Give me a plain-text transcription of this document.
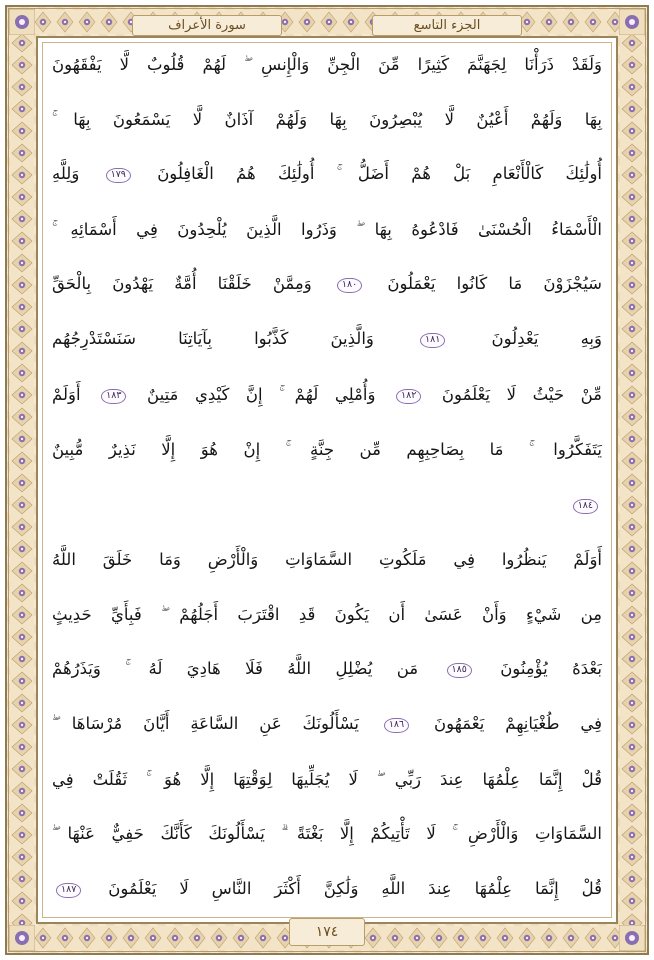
الجزء التاسع
سورة الأعراف
وَلَقَدْ ذَرَأْنَا لِجَهَنَّمَ كَثِيرًا مِّنَ الْجِنِّ وَالْإِنسِ ۖ لَهُمْ قُلُوبٌ لَّا يَفْقَهُونَ
بِهَا وَلَهُمْ أَعْيُنٌ لَّا يُبْصِرُونَ بِهَا وَلَهُمْ آذَانٌ لَّا يَسْمَعُونَ بِهَا ۚ
أُولَٰئِكَ كَالْأَنْعَامِ بَلْ هُمْ أَضَلُّ ۚ أُولَٰئِكَ هُمُ الْغَافِلُونَ ١٧٩ وَلِلَّهِ
الْأَسْمَاءُ الْحُسْنَىٰ فَادْعُوهُ بِهَا ۖ وَذَرُوا الَّذِينَ يُلْحِدُونَ فِي أَسْمَائِهِ ۚ
سَيُجْزَوْنَ مَا كَانُوا يَعْمَلُونَ ١٨٠ وَمِمَّنْ خَلَقْنَا أُمَّةٌ يَهْدُونَ بِالْحَقِّ
وَبِهِ يَعْدِلُونَ ١٨١ وَالَّذِينَ كَذَّبُوا بِآيَاتِنَا سَنَسْتَدْرِجُهُم
مِّنْ حَيْثُ لَا يَعْلَمُونَ ١٨٢ وَأُمْلِي لَهُمْ ۚ إِنَّ كَيْدِي مَتِينٌ ١٨٣ أَوَلَمْ
يَتَفَكَّرُوا ۚ مَا بِصَاحِبِهِم مِّن جِنَّةٍ ۚ إِنْ هُوَ إِلَّا نَذِيرٌ مُّبِينٌ
١٨٤
أَوَلَمْ يَنظُرُوا فِي مَلَكُوتِ السَّمَاوَاتِ وَالْأَرْضِ وَمَا خَلَقَ اللَّهُ
مِن شَيْءٍ وَأَنْ عَسَىٰ أَن يَكُونَ قَدِ اقْتَرَبَ أَجَلُهُمْ ۖ فَبِأَيِّ حَدِيثٍ
بَعْدَهُ يُؤْمِنُونَ ١٨٥ مَن يُضْلِلِ اللَّهُ فَلَا هَادِيَ لَهُ ۚ وَيَذَرُهُمْ
فِي طُغْيَانِهِمْ يَعْمَهُونَ ١٨٦ يَسْأَلُونَكَ عَنِ السَّاعَةِ أَيَّانَ مُرْسَاهَا ۖ
قُلْ إِنَّمَا عِلْمُهَا عِندَ رَبِّي ۖ لَا يُجَلِّيهَا لِوَقْتِهَا إِلَّا هُوَ ۚ ثَقُلَتْ فِي
السَّمَاوَاتِ وَالْأَرْضِ ۚ لَا تَأْتِيكُمْ إِلَّا بَغْتَةً ۗ يَسْأَلُونَكَ كَأَنَّكَ حَفِيٌّ عَنْهَا ۖ
قُلْ إِنَّمَا عِلْمُهَا عِندَ اللَّهِ وَلَٰكِنَّ أَكْثَرَ النَّاسِ لَا يَعْلَمُونَ ١٨٧
١٧٤
